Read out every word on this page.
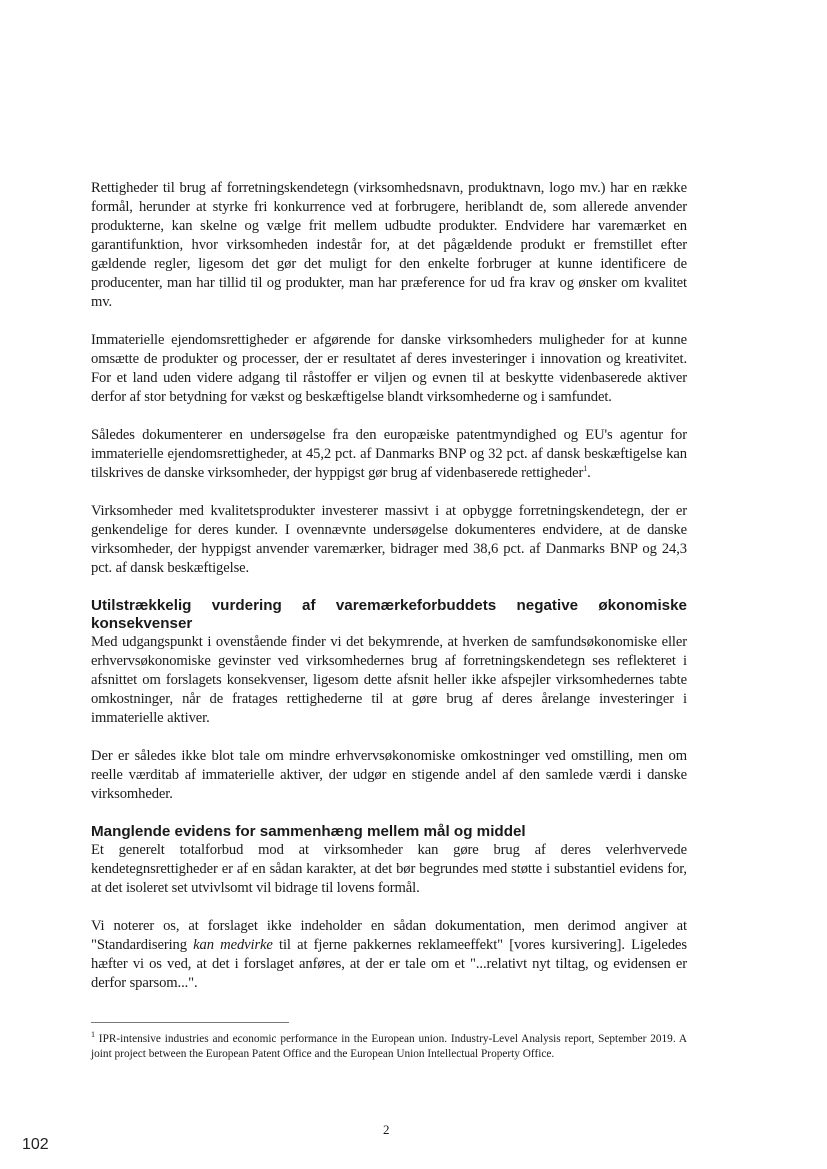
Rettigheder til brug af forretningskendetegn (virksomhedsnavn, produktnavn, logo mv.) har en række formål, herunder at styrke fri konkurrence ved at forbrugere, heriblandt de, som allerede anvender produkterne, kan skelne og vælge frit mellem udbudte produkter. Endvidere har varemærket en garantifunktion, hvor virksomheden indestår for, at det pågældende produkt er fremstillet efter gældende regler, ligesom det gør det muligt for den enkelte forbruger at kunne identificere de producenter, man har tillid til og produkter, man har præference for ud fra krav og ønsker om kvalitet mv.

Immaterielle ejendomsrettigheder er afgørende for danske virksomheders muligheder for at kunne omsætte de produkter og processer, der er resultatet af deres investeringer i innovation og kreativitet. For et land uden videre adgang til råstoffer er viljen og evnen til at beskytte videnbaserede aktiver derfor af stor betydning for vækst og beskæftigelse blandt virksomhederne og i samfundet.

Således dokumenterer en undersøgelse fra den europæiske patentmyndighed og EU's agentur for immaterielle ejendomsrettigheder, at 45,2 pct. af Danmarks BNP og 32 pct. af dansk beskæftigelse kan tilskrives de danske virksomheder, der hyppigst gør brug af videnbaserede rettigheder$^1$.

Virksomheder med kvalitetsprodukter investerer massivt i at opbygge forretningskendetegn, der er genkendelige for deres kunder. I ovennævnte undersøgelse dokumenteres endvidere, at de danske virksomheder, der hyppigst anvender varemærker, bidrager med 38,6 pct. af Danmarks BNP og 24,3 pct. af dansk beskæftigelse.

Utilstrækkelig vurdering af varemærkeforbuddets negative økonomiske konsekvenser

Med udgangspunkt i ovenstående finder vi det bekymrende, at hverken de samfundsøkonomiske eller erhvervsøkonomiske gevinster ved virksomhedernes brug af forretningskendetegn ses reflekteret i afsnittet om forslagets konsekvenser, ligesom dette afsnit heller ikke afspejler virksomhedernes tabte omkostninger, når de fratages rettighederne til at gøre brug af deres årelange investeringer i immaterielle aktiver.

Der er således ikke blot tale om mindre erhvervsøkonomiske omkostninger ved omstilling, men om reelle værditab af immaterielle aktiver, der udgør en stigende andel af den samlede værdi i danske virksomheder.

Manglende evidens for sammenhæng mellem mål og middel

Et generelt totalforbud mod at virksomheder kan gøre brug af deres velerhvervede kendetegnsrettigheder er af en sådan karakter, at det bør begrundes med støtte i substantiel evidens for, at det isoleret set utvivlsomt vil bidrage til lovens formål.

Vi noterer os, at forslaget ikke indeholder en sådan dokumentation, men derimod angiver at "Standardisering kan medvirke til at fjerne pakkernes reklameeffekt" [vores kursivering]. Ligeledes hæfter vi os ved, at det i forslaget anføres, at der er tale om et "...relativt nyt tiltag, og evidensen er derfor sparsom...".

$^1$ IPR-intensive industries and economic performance in the European union. Industry-Level Analysis report, September 2019. A joint project between the European Patent Office and the European Union Intellectual Property Office.

2
102
